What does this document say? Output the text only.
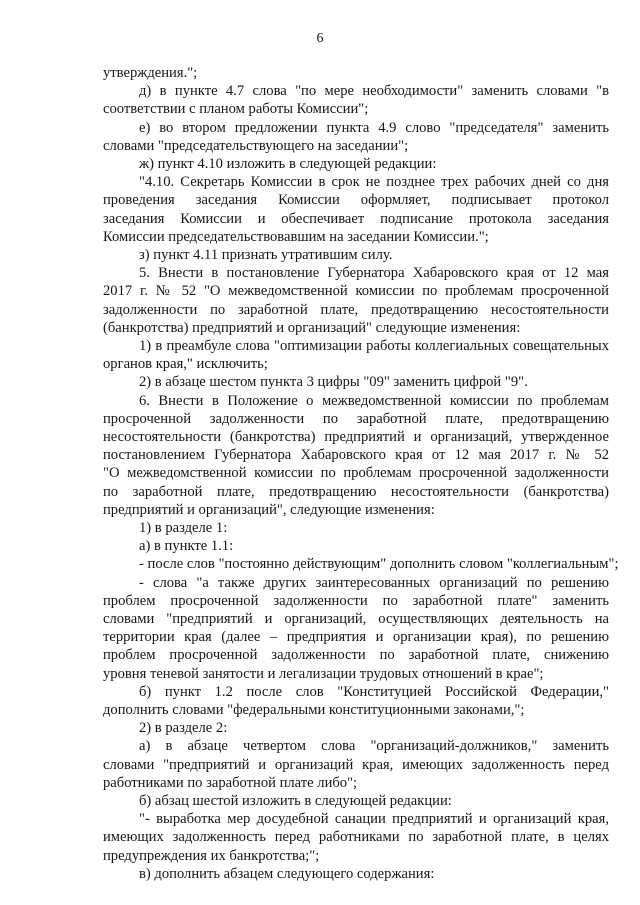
6
утверждения.";
д) в пункте 4.7 слова "по мере необходимости" заменить словами "в
соответствии с планом работы Комиссии";
е) во втором предложении пункта 4.9 слово "председателя" заменить
словами "председательствующего на заседании";
ж) пункт 4.10 изложить в следующей редакции:
"4.10. Секретарь Комиссии в срок не позднее трех рабочих дней со дня
проведения заседания Комиссии оформляет, подписывает протокол
заседания Комиссии и обеспечивает подписание протокола заседания
Комиссии председательствовавшим на заседании Комиссии.";
з) пункт 4.11 признать утратившим силу.
5. Внести в постановление Губернатора Хабаровского края от 12 мая
2017 г. № 52 "О межведомственной комиссии по проблемам просроченной
задолженности по заработной плате, предотвращению несостоятельности
(банкротства) предприятий и организаций" следующие изменения:
1) в преамбуле слова "оптимизации работы коллегиальных совещательных
органов края," исключить;
2) в абзаце шестом пункта 3 цифры "09" заменить цифрой "9".
6. Внести в Положение о межведомственной комиссии по проблемам
просроченной задолженности по заработной плате, предотвращению
несостоятельности (банкротства) предприятий и организаций, утвержденное
постановлением Губернатора Хабаровского края от 12 мая 2017 г. № 52
"О межведомственной комиссии по проблемам просроченной задолженности
по заработной плате, предотвращению несостоятельности (банкротства)
предприятий и организаций", следующие изменения:
1) в разделе 1:
а) в пункте 1.1:
- после слов "постоянно действующим" дополнить словом "коллегиальным";
- слова "а также других заинтересованных организаций по решению
проблем просроченной задолженности по заработной плате" заменить
словами "предприятий и организаций, осуществляющих деятельность на
территории края (далее – предприятия и организации края), по решению
проблем просроченной задолженности по заработной плате, снижению
уровня теневой занятости и легализации трудовых отношений в крае";
б) пункт 1.2 после слов "Конституцией Российской Федерации,"
дополнить словами "федеральными конституционными законами,";
2) в разделе 2:
а) в абзаце четвертом слова "организаций-должников," заменить
словами "предприятий и организаций края, имеющих задолженность перед
работниками по заработной плате либо";
б) абзац шестой изложить в следующей редакции:
"- выработка мер досудебной санации предприятий и организаций края,
имеющих задолженность перед работниками по заработной плате, в целях
предупреждения их банкротства;";
в) дополнить абзацем следующего содержания:
